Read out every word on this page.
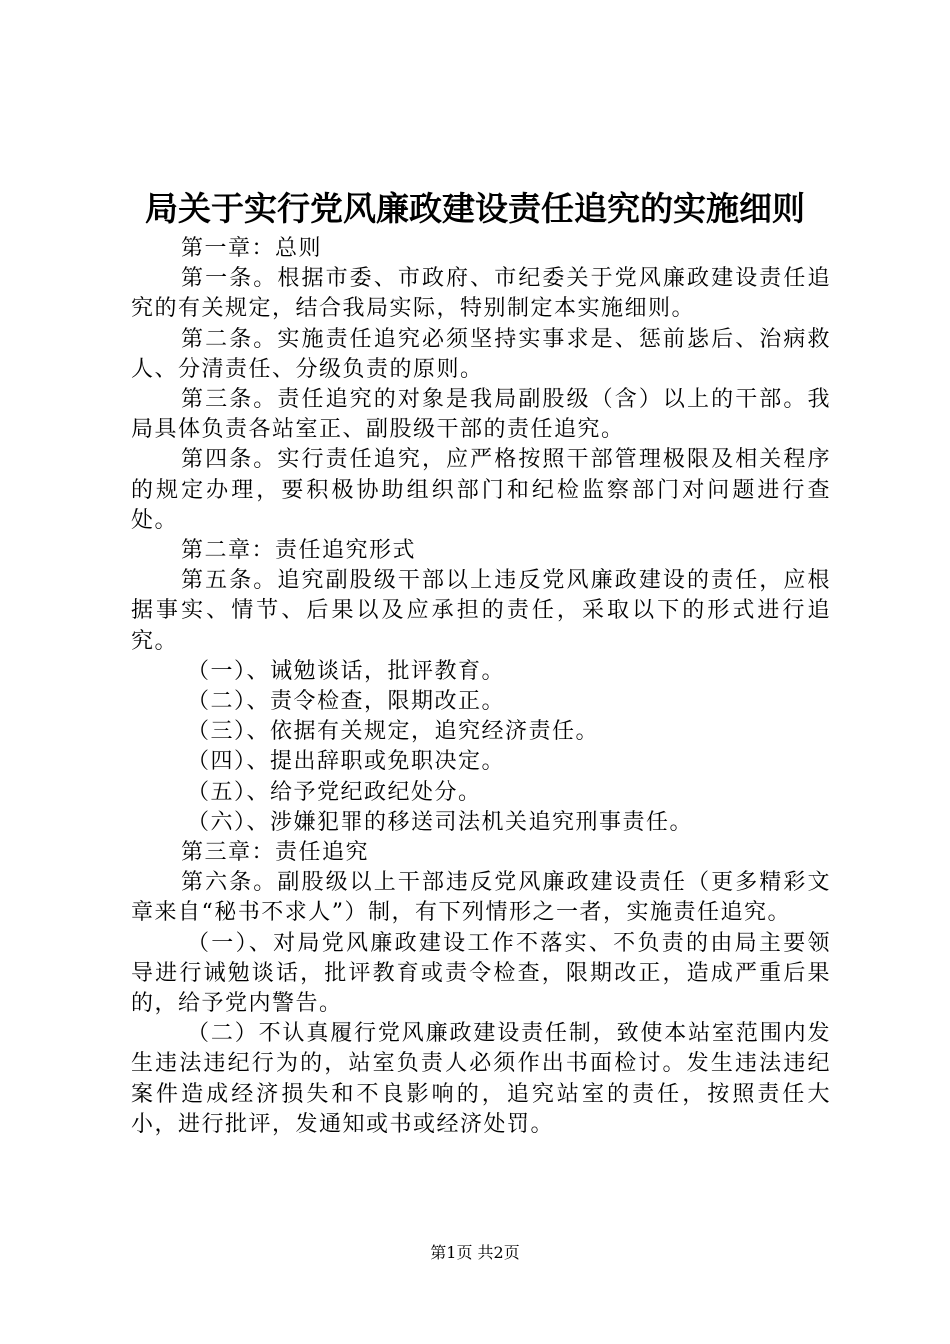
局关于实行党风廉政建设责任追究的实施细则

第一章：总则

第一条。根据市委、市政府、市纪委关于党风廉政建设责任追究的有关规定，结合我局实际，特别制定本实施细则。

第二条。实施责任追究必须坚持实事求是、惩前毖后、治病救人、分清责任、分级负责的原则。

第三条。责任追究的对象是我局副股级（含）以上的干部。我局具体负责各站室正、副股级干部的责任追究。

第四条。实行责任追究，应严格按照干部管理极限及相关程序的规定办理，要积极协助组织部门和纪检监察部门对问题进行查处。

第二章：责任追究形式

第五条。追究副股级干部以上违反党风廉政建设的责任，应根据事实、情节、后果以及应承担的责任，采取以下的形式进行追究。

（一）、诫勉谈话，批评教育。

（二）、责令检查，限期改正。

（三）、依据有关规定，追究经济责任。

（四）、提出辞职或免职决定。

（五）、给予党纪政纪处分。

（六）、涉嫌犯罪的移送司法机关追究刑事责任。

第三章：责任追究

第六条。副股级以上干部违反党风廉政建设责任（更多精彩文章来自“秘书不求人”）制，有下列情形之一者，实施责任追究。

（一）、对局党风廉政建设工作不落实、不负责的由局主要领导进行诫勉谈话，批评教育或责令检查，限期改正，造成严重后果的，给予党内警告。

（二）不认真履行党风廉政建设责任制，致使本站室范围内发生违法违纪行为的，站室负责人必须作出书面检讨。发生违法违纪案件造成经济损失和不良影响的，追究站室的责任，按照责任大小，进行批评，发通知或书或经济处罚。

第1页 共2页
